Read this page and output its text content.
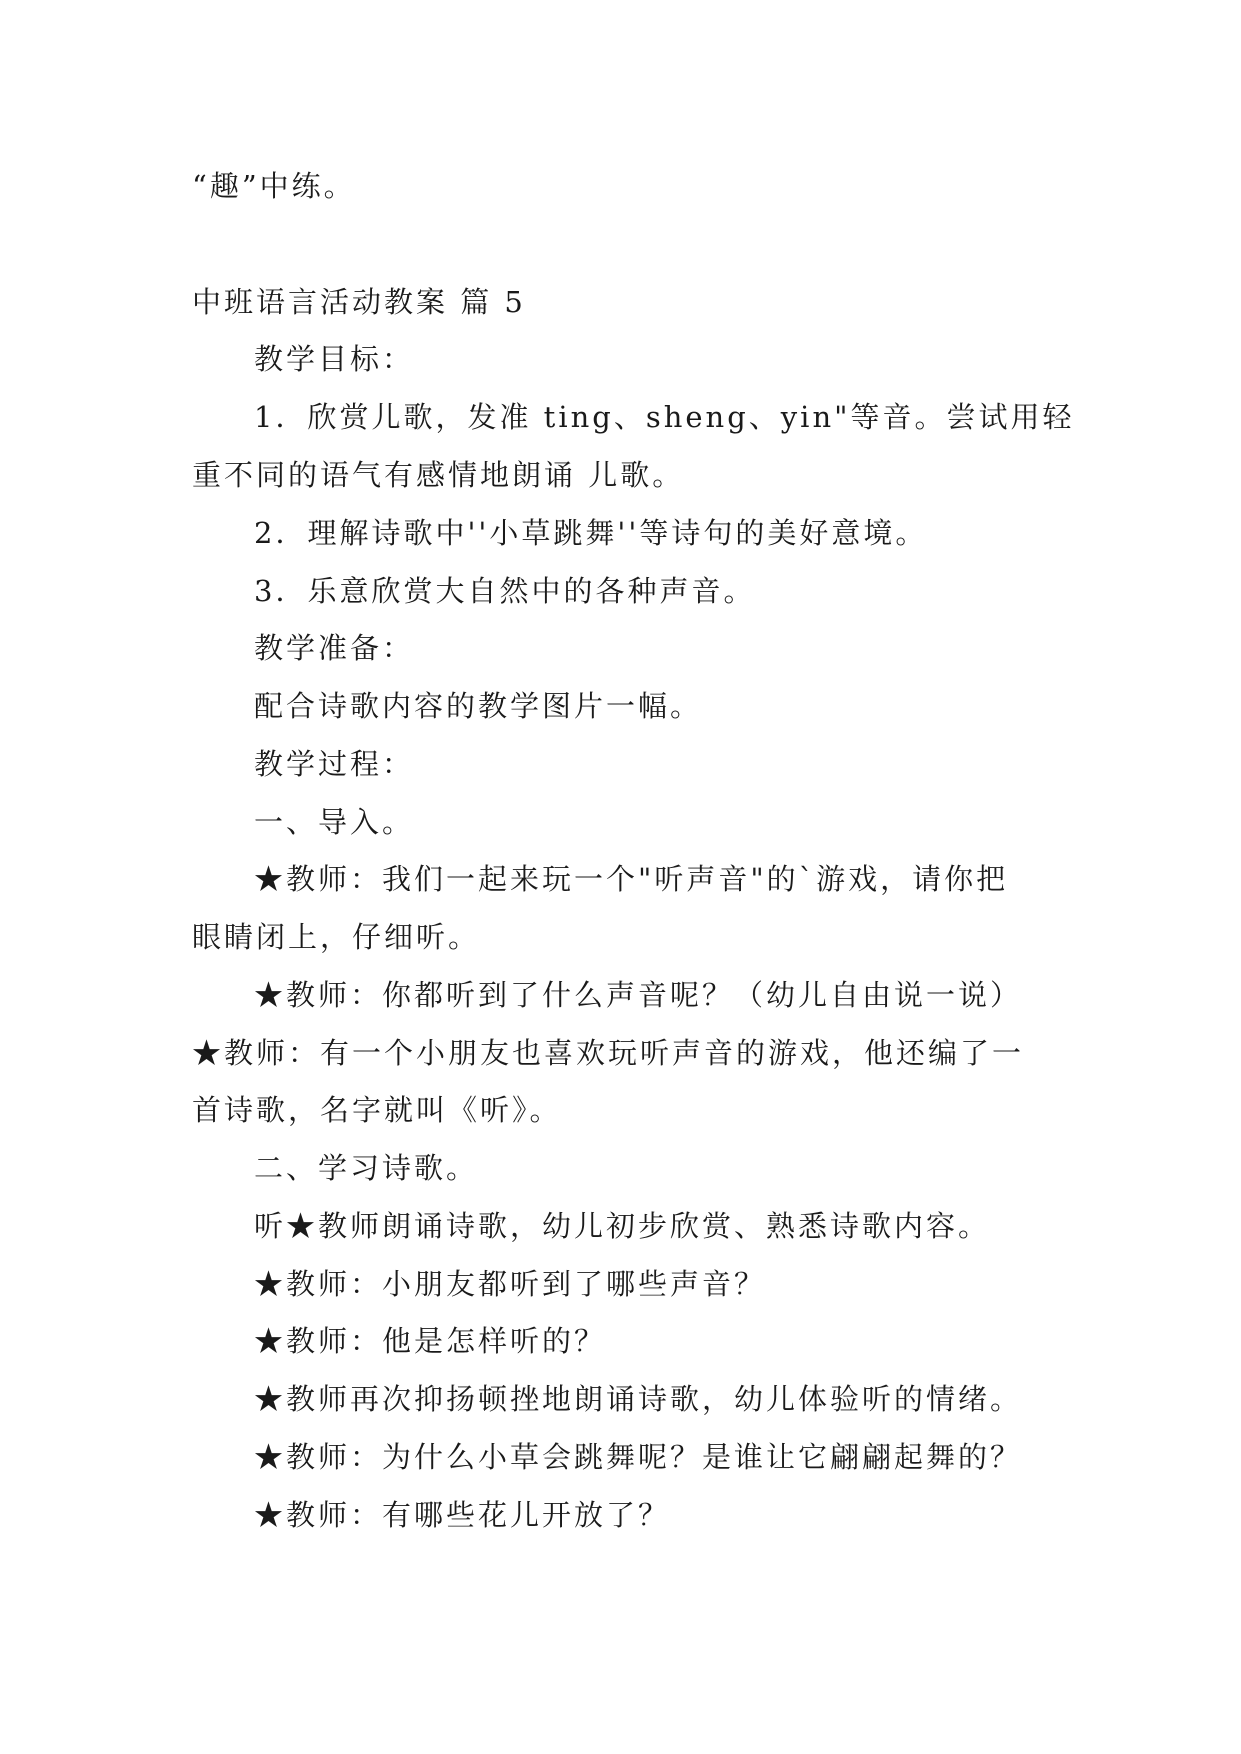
“趣”中练。
中班语言活动教案 篇 5
教学目标：
1．欣赏儿歌，发准 ting、sheng、yin"等音。尝试用轻
重不同的语气有感情地朗诵 儿歌。
2．理解诗歌中''小草跳舞''等诗句的美好意境。
3．乐意欣赏大自然中的各种声音。
教学准备：
配合诗歌内容的教学图片一幅。
教学过程：
一、导入。
★教师：我们一起来玩一个"听声音"的`游戏，请你把
眼睛闭上，仔细听。
★教师：你都听到了什么声音呢？（幼儿自由说一说）
★教师：有一个小朋友也喜欢玩听声音的游戏，他还编了一
首诗歌，名字就叫《听》。
二、学习诗歌。
听★教师朗诵诗歌，幼儿初步欣赏、熟悉诗歌内容。
★教师：小朋友都听到了哪些声音？
★教师：他是怎样听的？
★教师再次抑扬顿挫地朗诵诗歌，幼儿体验听的情绪。
★教师：为什么小草会跳舞呢？是谁让它翩翩起舞的？
★教师：有哪些花儿开放了？
